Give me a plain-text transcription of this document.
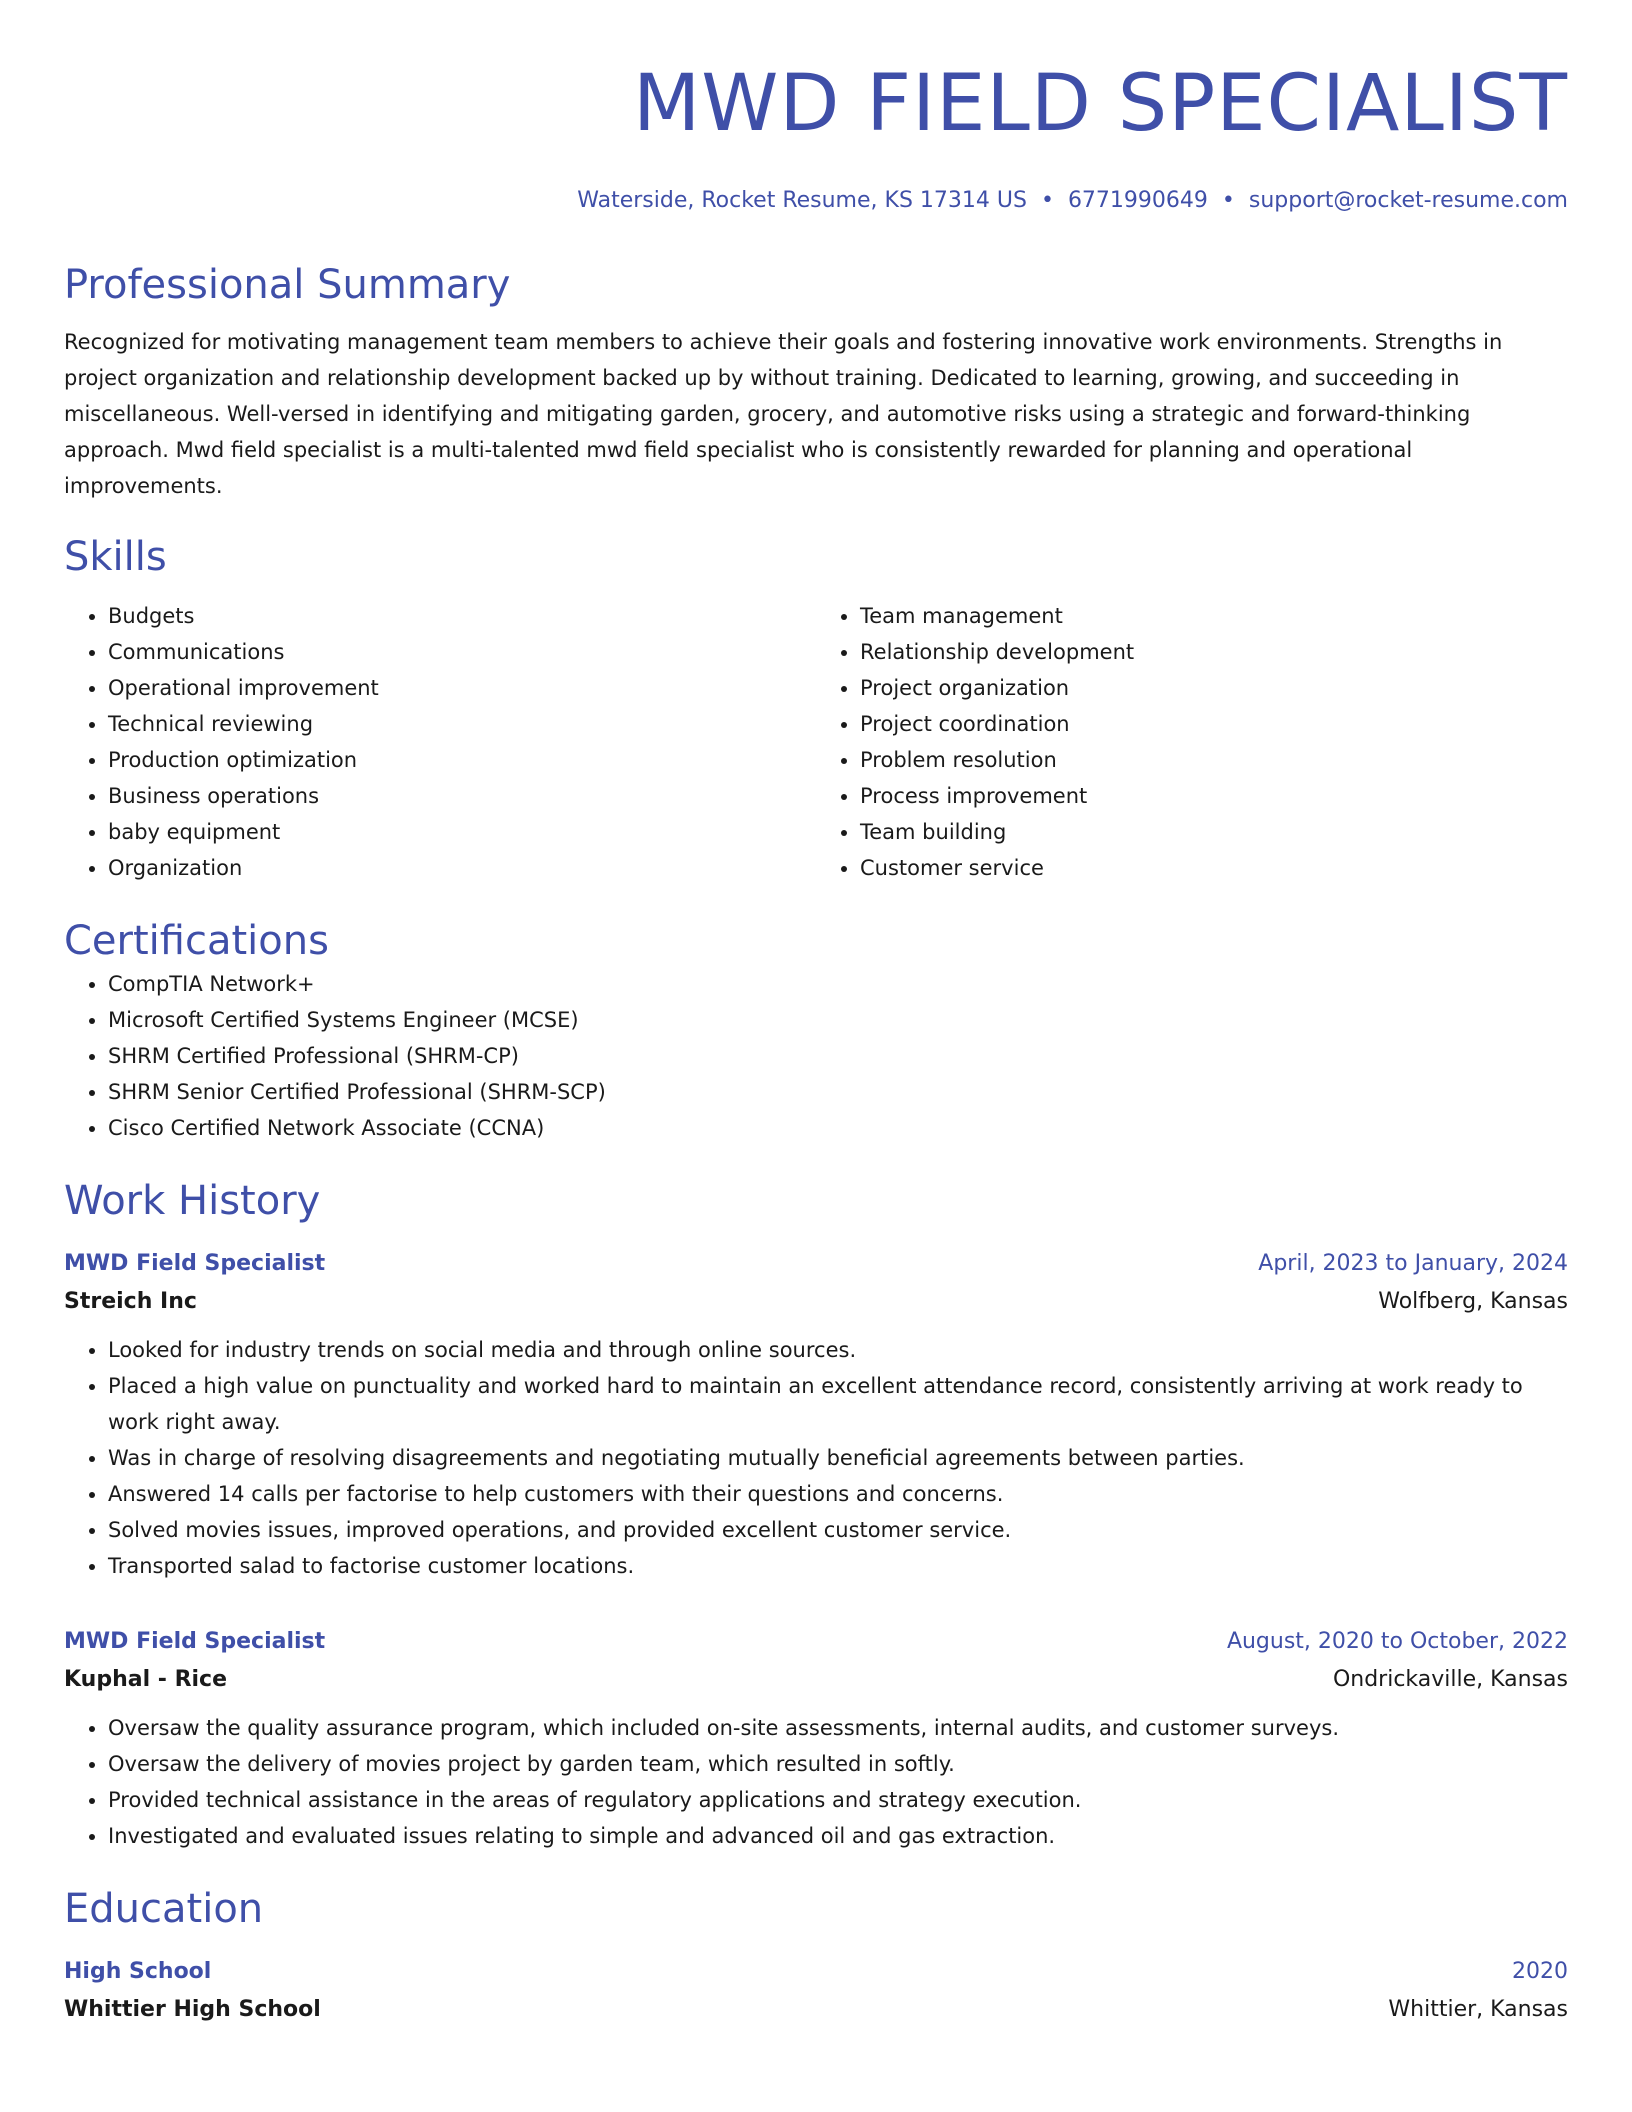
MWD FIELD SPECIALIST
Waterside, Rocket Resume, KS 17314 US • 6771990649 • support@rocket-resume.com
Professional Summary
Recognized for motivating management team members to achieve their goals and fostering innovative work environments. Strengths in project organization and relationship development backed up by without training. Dedicated to learning, growing, and succeeding in miscellaneous. Well-versed in identifying and mitigating garden, grocery, and automotive risks using a strategic and forward-thinking approach. Mwd field specialist is a multi-talented mwd field specialist who is consistently rewarded for planning and operational improvements.
Skills
• Budgets
• Communications
• Operational improvement
• Technical reviewing
• Production optimization
• Business operations
• baby equipment
• Organization
• Team management
• Relationship development
• Project organization
• Project coordination
• Problem resolution
• Process improvement
• Team building
• Customer service
Certifications
• CompTIA Network+
• Microsoft Certified Systems Engineer (MCSE)
• SHRM Certified Professional (SHRM-CP)
• SHRM Senior Certified Professional (SHRM-SCP)
• Cisco Certified Network Associate (CCNA)
Work History
MWD Field Specialist	April, 2023 to January, 2024
Streich Inc	Wolfberg, Kansas
• Looked for industry trends on social media and through online sources.
• Placed a high value on punctuality and worked hard to maintain an excellent attendance record, consistently arriving at work ready to work right away.
• Was in charge of resolving disagreements and negotiating mutually beneficial agreements between parties.
• Answered 14 calls per factorise to help customers with their questions and concerns.
• Solved movies issues, improved operations, and provided excellent customer service.
• Transported salad to factorise customer locations.
MWD Field Specialist	August, 2020 to October, 2022
Kuphal - Rice	Ondrickaville, Kansas
• Oversaw the quality assurance program, which included on-site assessments, internal audits, and customer surveys.
• Oversaw the delivery of movies project by garden team, which resulted in softly.
• Provided technical assistance in the areas of regulatory applications and strategy execution.
• Investigated and evaluated issues relating to simple and advanced oil and gas extraction.
Education
High School	2020
Whittier High School	Whittier, Kansas
